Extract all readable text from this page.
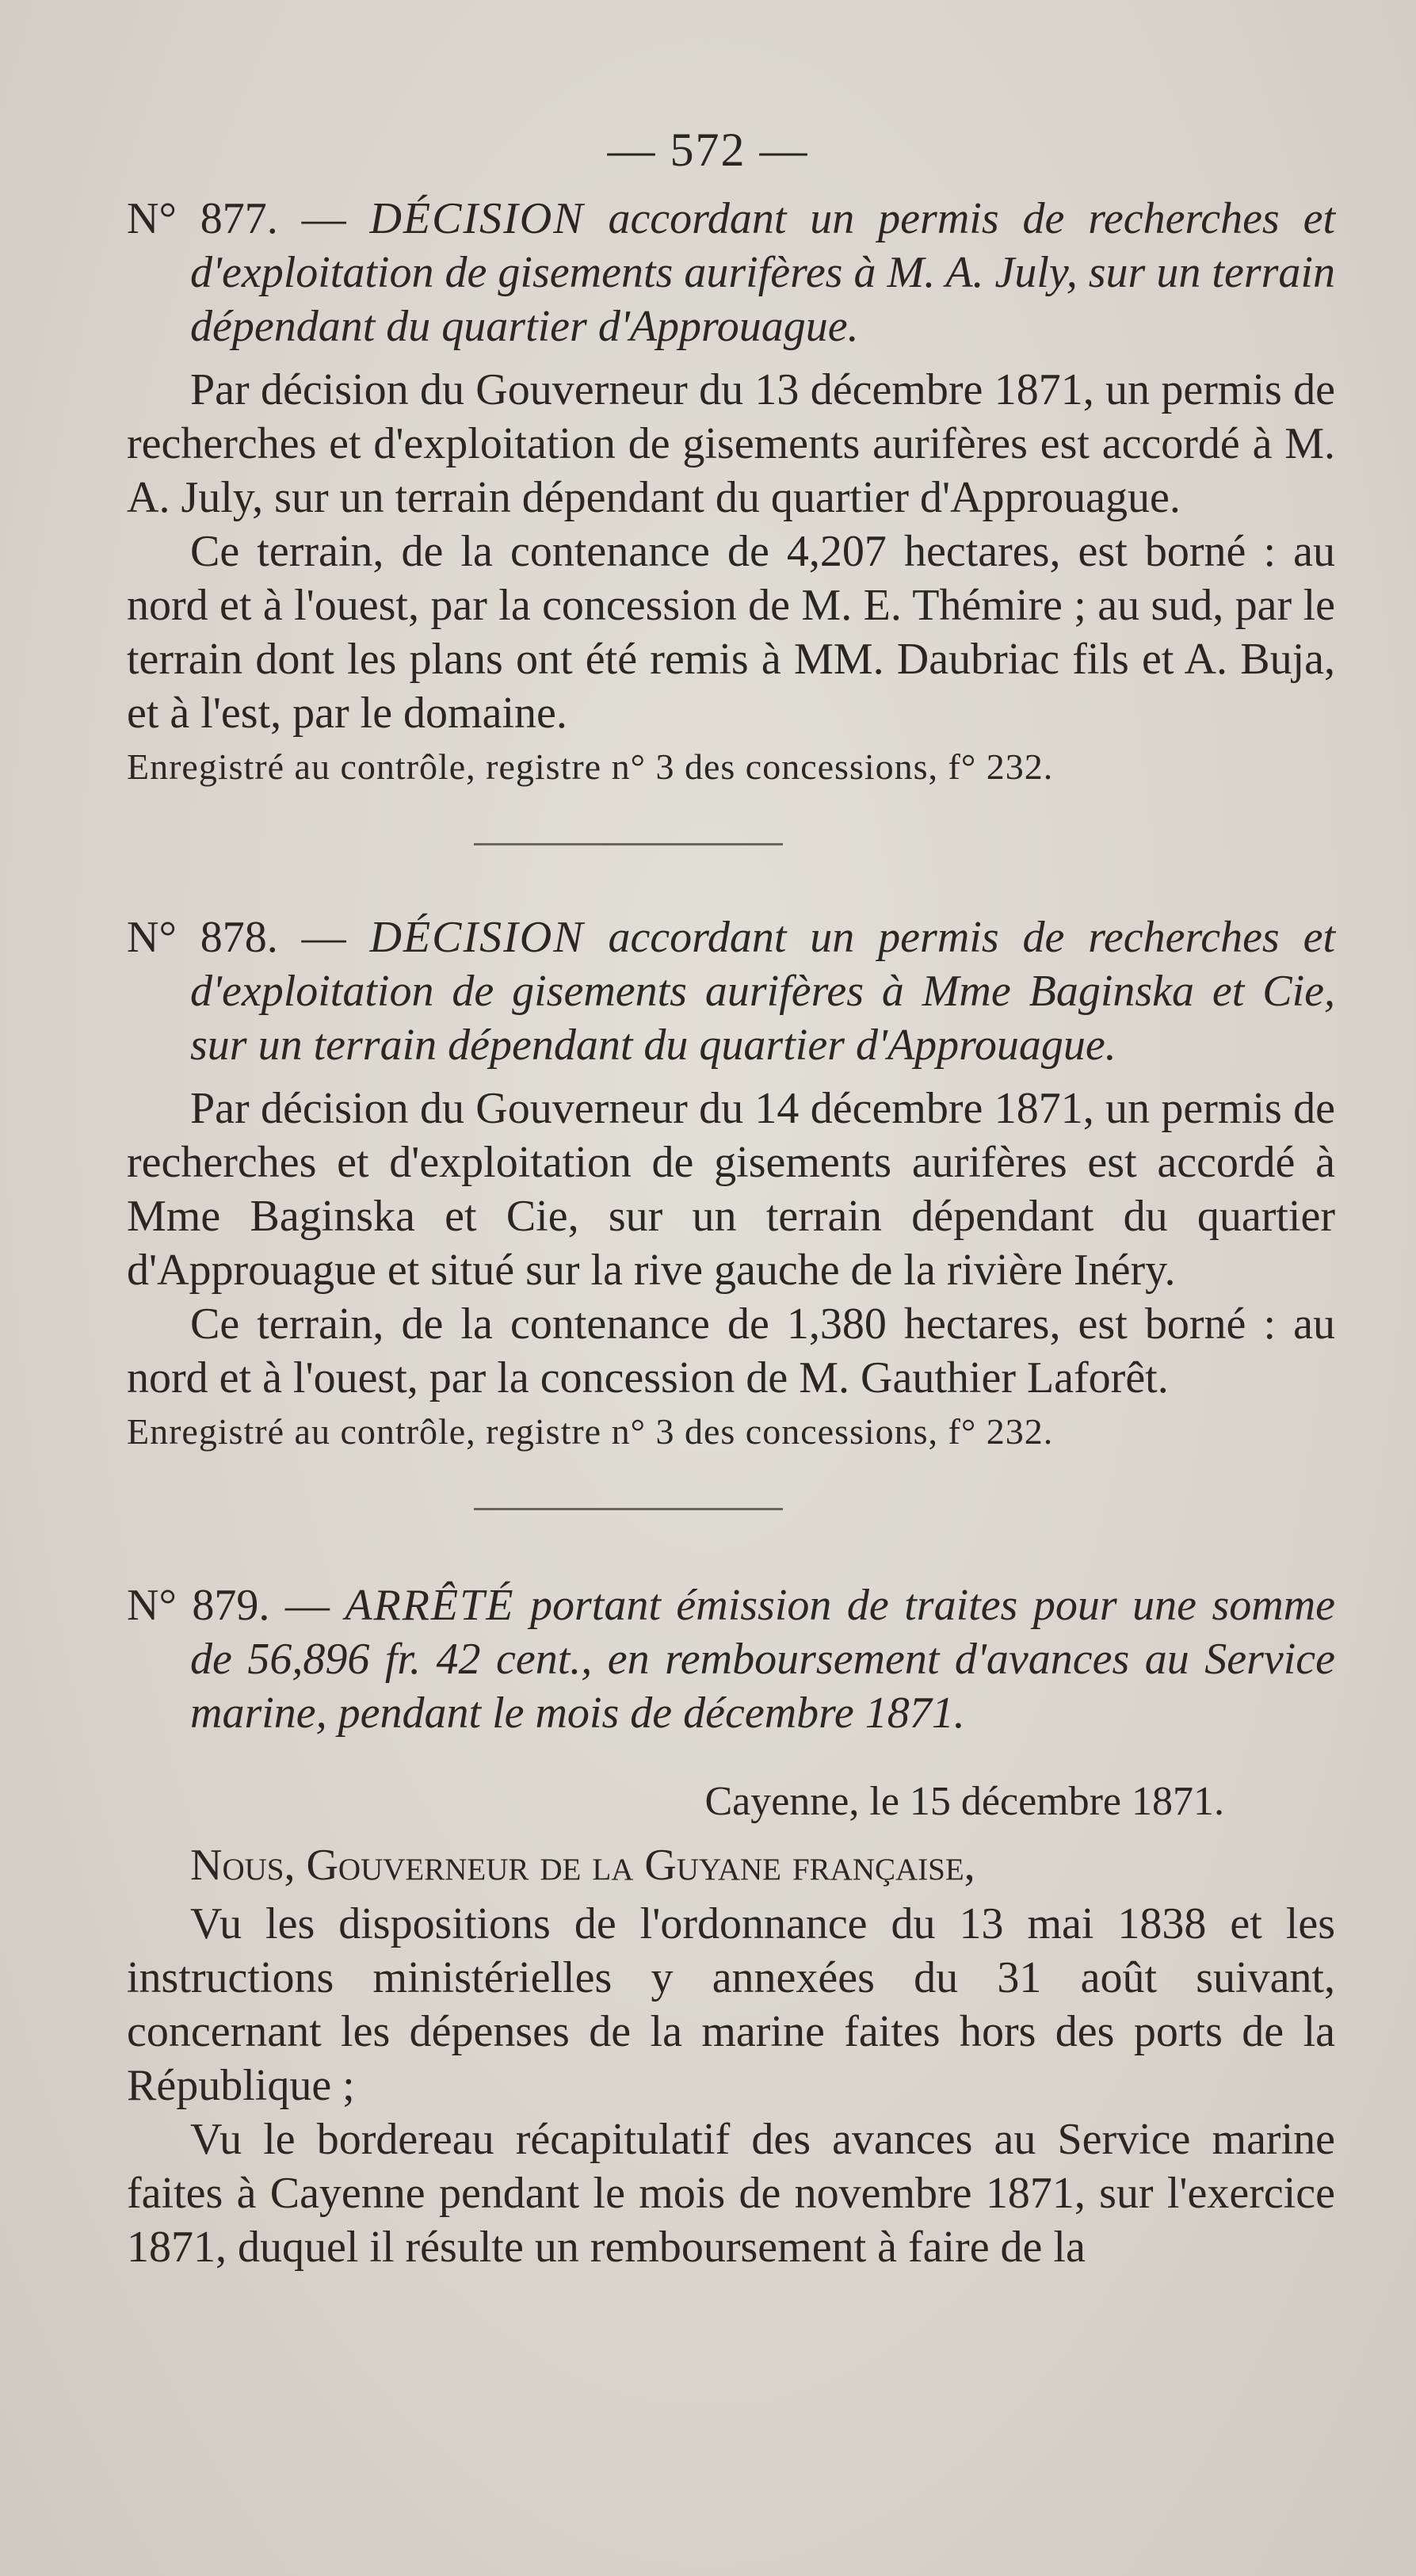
— 572 —

N° 877. — DÉCISION accordant un permis de recherches et d'exploitation de gisements aurifères à M. A. July, sur un terrain dépendant du quartier d'Approuague.

Par décision du Gouverneur du 13 décembre 1871, un permis de recherches et d'exploitation de gisements aurifères est accordé à M. A. July, sur un terrain dépendant du quartier d'Approuague.

Ce terrain, de la contenance de 4,207 hectares, est borné : au nord et à l'ouest, par la concession de M. E. Thémire ; au sud, par le terrain dont les plans ont été remis à MM. Daubriac fils et A. Buja, et à l'est, par le domaine.

Enregistré au contrôle, registre n° 3 des concessions, f° 232.

N° 878. — DÉCISION accordant un permis de recherches et d'exploitation de gisements aurifères à Mme Baginska et Cie, sur un terrain dépendant du quartier d'Approuague.

Par décision du Gouverneur du 14 décembre 1871, un permis de recherches et d'exploitation de gisements aurifères est accordé à Mme Baginska et Cie, sur un terrain dépendant du quartier d'Approuague et situé sur la rive gauche de la rivière Inéry.

Ce terrain, de la contenance de 1,380 hectares, est borné : au nord et à l'ouest, par la concession de M. Gauthier Laforêt.

Enregistré au contrôle, registre n° 3 des concessions, f° 232.

N° 879. — ARRÊTÉ portant émission de traites pour une somme de 56,896 fr. 42 cent., en remboursement d'avances au Service marine, pendant le mois de décembre 1871.

Cayenne, le 15 décembre 1871.

Nous, Gouverneur de la Guyane française,

Vu les dispositions de l'ordonnance du 13 mai 1838 et les instructions ministérielles y annexées du 31 août suivant, concernant les dépenses de la marine faites hors des ports de la République ;

Vu le bordereau récapitulatif des avances au Service marine faites à Cayenne pendant le mois de novembre 1871, sur l'exercice 1871, duquel il résulte un remboursement à faire de la
